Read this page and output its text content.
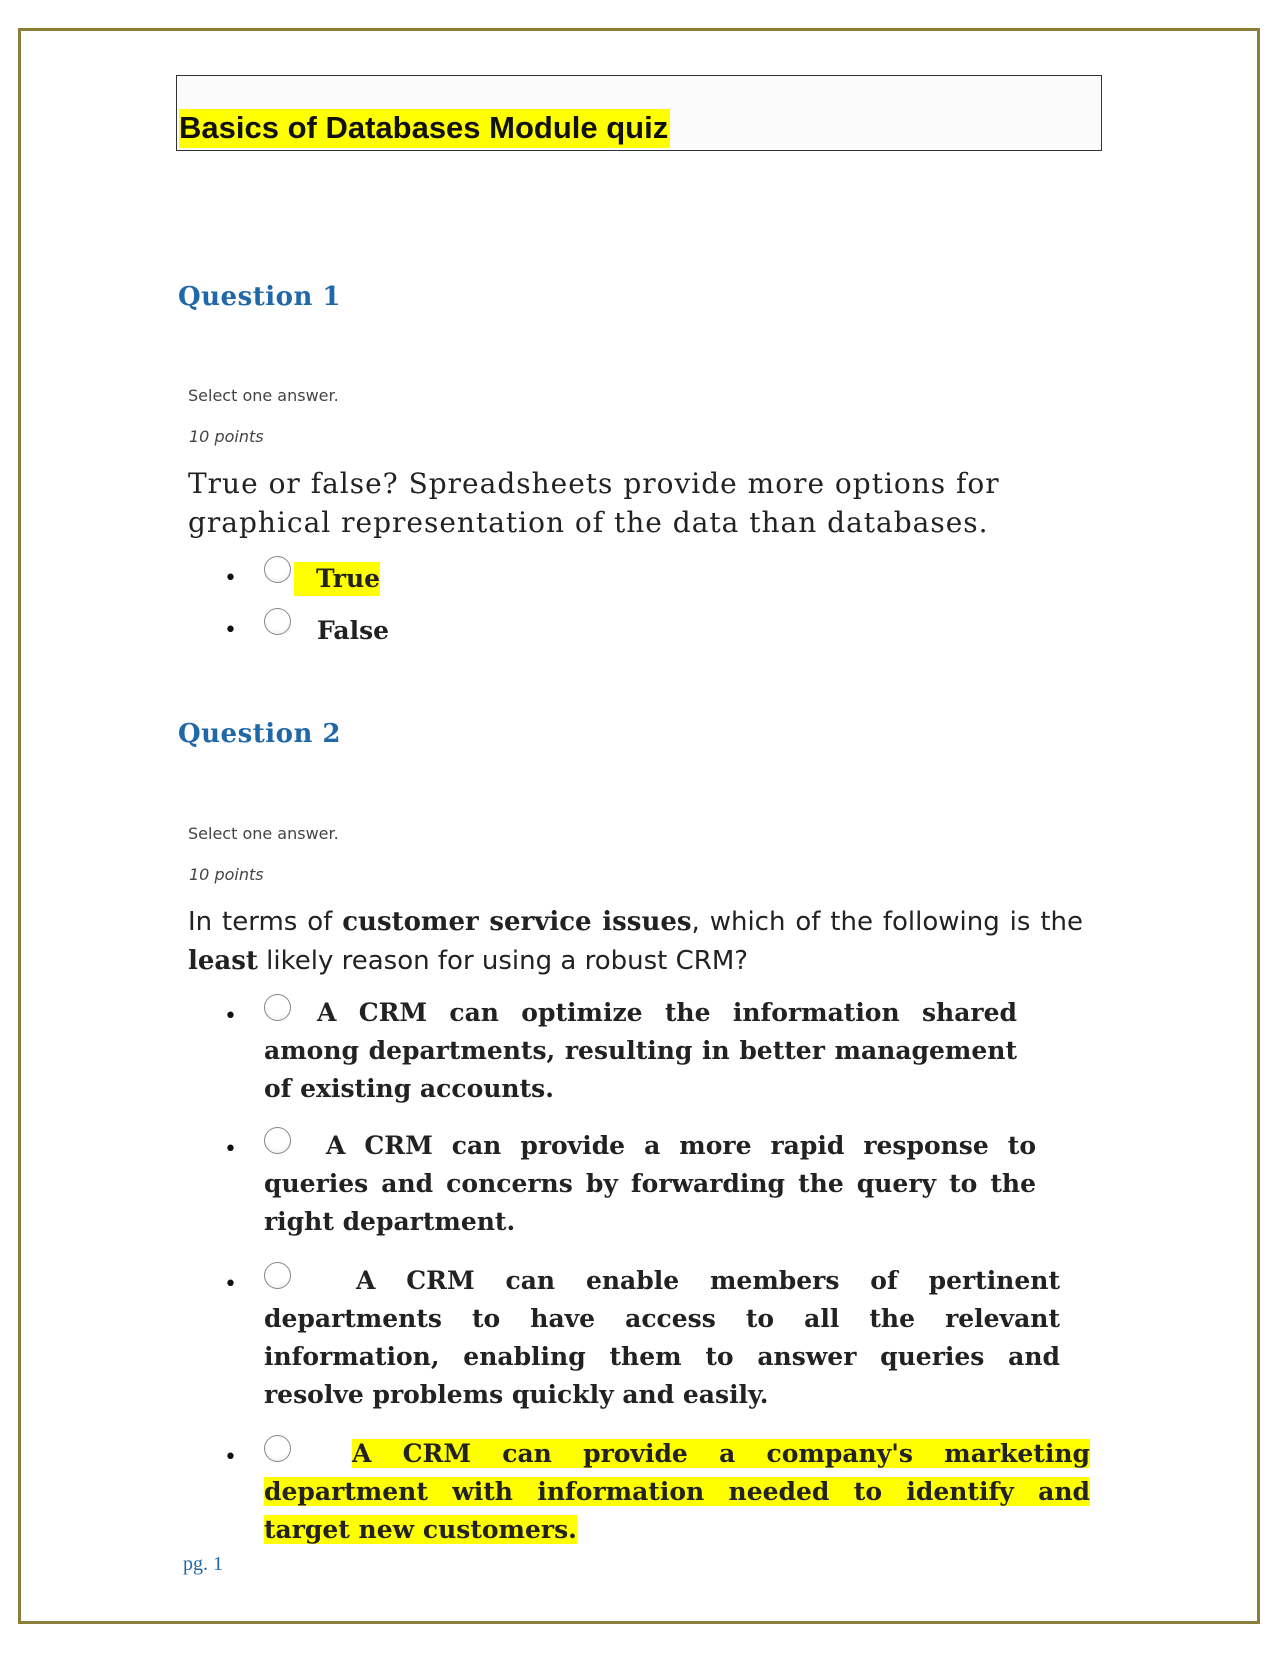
Basics of Databases Module quiz
Question 1
Select one answer.
10 points
True or false? Spreadsheets provide more options for graphical representation of the data than databases.
•	True
•	False
Question 2
Select one answer.
10 points
In terms of customer service issues, which of the following is the least likely reason for using a robust CRM?
•	A CRM can optimize the information shared among departments, resulting in better management of existing accounts.
•	A CRM can provide a more rapid response to queries and concerns by forwarding the query to the right department.
•	A CRM can enable members of pertinent departments to have access to all the relevant information, enabling them to answer queries and resolve problems quickly and easily.
•	A CRM can provide a company's marketing department with information needed to identify and target new customers.
pg. 1
